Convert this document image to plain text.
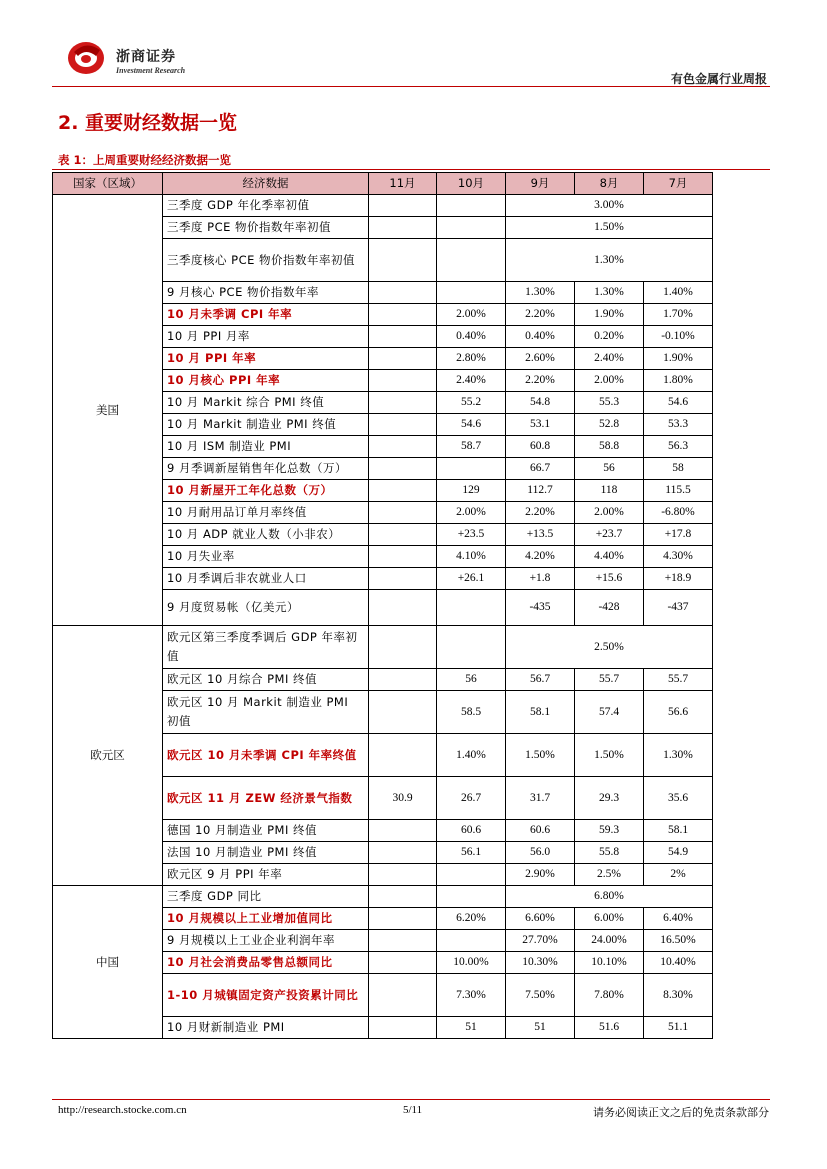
浙商证券
Investment Research
有色金属行业周报
2. 重要财经数据一览
表 1：上周重要财经经济数据一览
国家（区域）	经济数据	11月	10月	9月	8月	7月
美国	三季度 GDP 年化季率初值			3.00%		
	三季度 PCE 物价指数年率初值			1.50%		
	三季度核心 PCE 物价指数年率初值			1.30%		
	9 月核心 PCE 物价指数年率			1.30%	1.30%	1.40%
	10 月未季调 CPI 年率		2.00%	2.20%	1.90%	1.70%
	10 月 PPI 月率		0.40%	0.40%	0.20%	-0.10%
	10 月 PPI 年率		2.80%	2.60%	2.40%	1.90%
	10 月核心 PPI 年率		2.40%	2.20%	2.00%	1.80%
	10 月 Markit 综合 PMI 终值		55.2	54.8	55.3	54.6
	10 月 Markit 制造业 PMI 终值		54.6	53.1	52.8	53.3
	10 月 ISM 制造业 PMI		58.7	60.8	58.8	56.3
	9 月季调新屋销售年化总数（万）			66.7	56	58
	10 月新屋开工年化总数（万）		129	112.7	118	115.5
	10 月耐用品订单月率终值		2.00%	2.20%	2.00%	-6.80%
	10 月 ADP 就业人数（小非农）		+23.5	+13.5	+23.7	+17.8
	10 月失业率		4.10%	4.20%	4.40%	4.30%
	10 月季调后非农就业人口		+26.1	+1.8	+15.6	+18.9
	9 月度贸易帐（亿美元）			-435	-428	-437
欧元区	欧元区第三季度季调后 GDP 年率初值			2.50%		
	欧元区 10 月综合 PMI 终值		56	56.7	55.7	55.7
	欧元区 10 月 Markit 制造业 PMI 初值		58.5	58.1	57.4	56.6
	欧元区 10 月未季调 CPI 年率终值		1.40%	1.50%	1.50%	1.30%
	欧元区 11 月 ZEW 经济景气指数	30.9	26.7	31.7	29.3	35.6
	德国 10 月制造业 PMI 终值		60.6	60.6	59.3	58.1
	法国 10 月制造业 PMI 终值		56.1	56.0	55.8	54.9
	欧元区 9 月 PPI 年率			2.90%	2.5%	2%
中国	三季度 GDP 同比			6.80%		
	10 月规模以上工业增加值同比		6.20%	6.60%	6.00%	6.40%
	9 月规模以上工业企业利润年率			27.70%	24.00%	16.50%
	10 月社会消费品零售总额同比		10.00%	10.30%	10.10%	10.40%
	1-10 月城镇固定资产投资累计同比		7.30%	7.50%	7.80%	8.30%
	10 月财新制造业 PMI		51	51	51.6	51.1
http://research.stocke.com.cn	5/11	请务必阅读正文之后的免责条款部分
